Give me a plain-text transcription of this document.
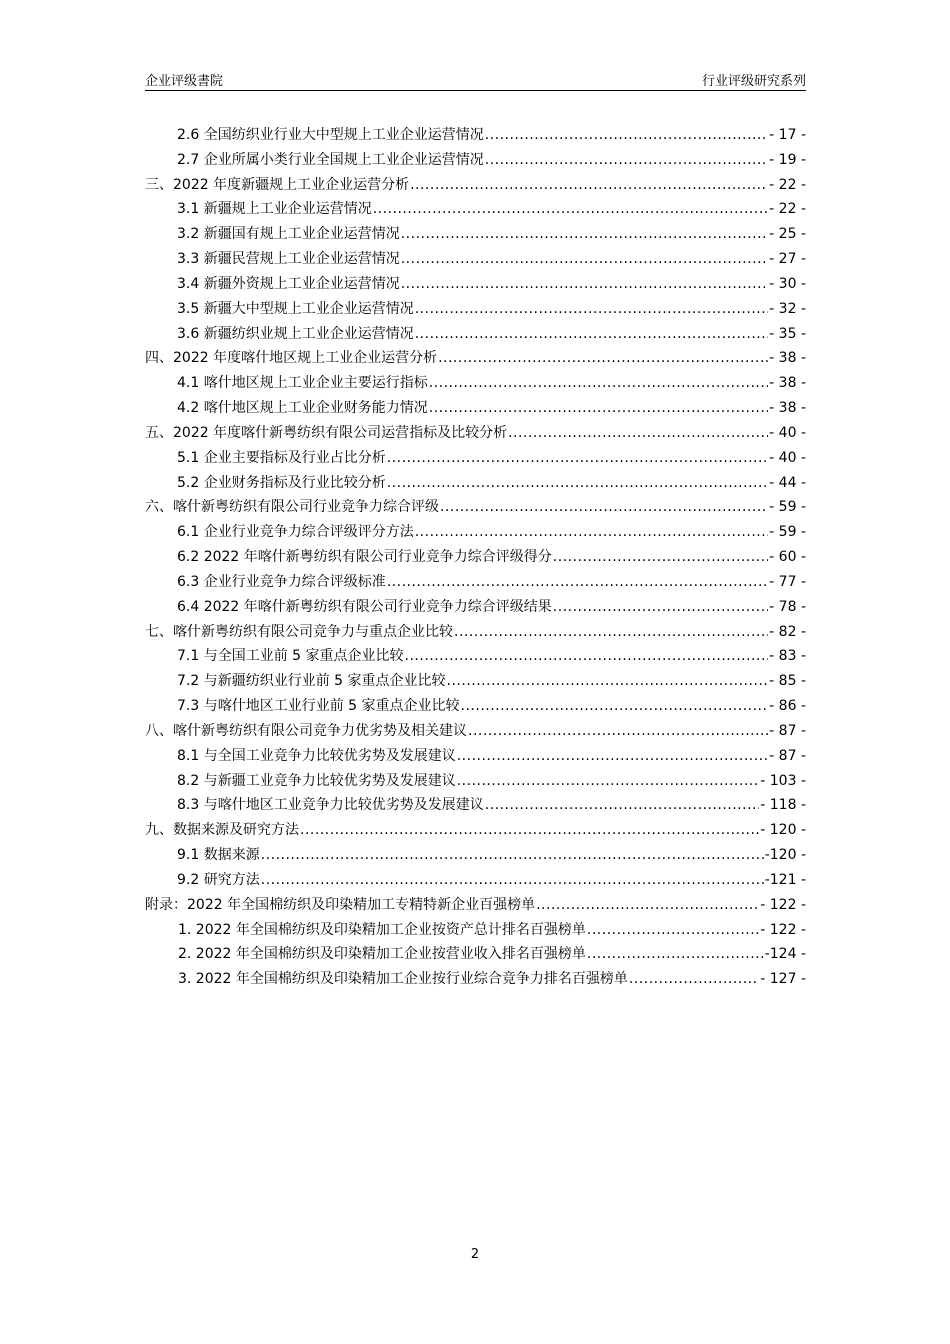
企业评级書院	行业评级研究系列
2.6 全国纺织业行业大中型规上工业企业运营情况 .....	- 17 -
2.7 企业所属小类行业全国规上工业企业运营情况 .....	- 19 -
三、2022 年度新疆规上工业企业运营分析 .....	- 22 -
3.1 新疆规上工业企业运营情况 .....	- 22 -
3.2 新疆国有规上工业企业运营情况 .....	- 25 -
3.3 新疆民营规上工业企业运营情况 .....	- 27 -
3.4 新疆外资规上工业企业运营情况 .....	- 30 -
3.5 新疆大中型规上工业企业运营情况 .....	- 32 -
3.6 新疆纺织业规上工业企业运营情况 .....	- 35 -
四、2022 年度喀什地区规上工业企业运营分析 .....	- 38 -
4.1 喀什地区规上工业企业主要运行指标 .....	- 38 -
4.2 喀什地区规上工业企业财务能力情况 .....	- 38 -
五、2022 年度喀什新粤纺织有限公司运营指标及比较分析 .....	- 40 -
5.1 企业主要指标及行业占比分析 .....	- 40 -
5.2 企业财务指标及行业比较分析 .....	- 44 -
六、喀什新粤纺织有限公司行业竞争力综合评级 .....	- 59 -
6.1 企业行业竞争力综合评级评分方法 .....	- 59 -
6.2 2022 年喀什新粤纺织有限公司行业竞争力综合评级得分 .....	- 60 -
6.3 企业行业竞争力综合评级标准 .....	- 77 -
6.4 2022 年喀什新粤纺织有限公司行业竞争力综合评级结果 .....	- 78 -
七、喀什新粤纺织有限公司竞争力与重点企业比较 .....	- 82 -
7.1 与全国工业前 5 家重点企业比较 .....	- 83 -
7.2 与新疆纺织业行业前 5 家重点企业比较 .....	- 85 -
7.3 与喀什地区工业行业前 5 家重点企业比较 .....	- 86 -
八、喀什新粤纺织有限公司竞争力优劣势及相关建议 .....	- 87 -
8.1 与全国工业竞争力比较优劣势及发展建议 .....	- 87 -
8.2 与新疆工业竞争力比较优劣势及发展建议 .....	- 103 -
8.3 与喀什地区工业竞争力比较优劣势及发展建议 .....	- 118 -
九、数据来源及研究方法 .....	- 120 -
9.1 数据来源 .....	-120 -
9.2 研究方法 .....	-121 -
附录：2022 年全国棉纺织及印染精加工专精特新企业百强榜单 .....	- 122 -
1. 2022 年全国棉纺织及印染精加工企业按资产总计排名百强榜单 .....	- 122 -
2. 2022 年全国棉纺织及印染精加工企业按营业收入排名百强榜单 .....	-124 -
3. 2022 年全国棉纺织及印染精加工企业按行业综合竞争力排名百强榜单 .....	- 127 -
2
